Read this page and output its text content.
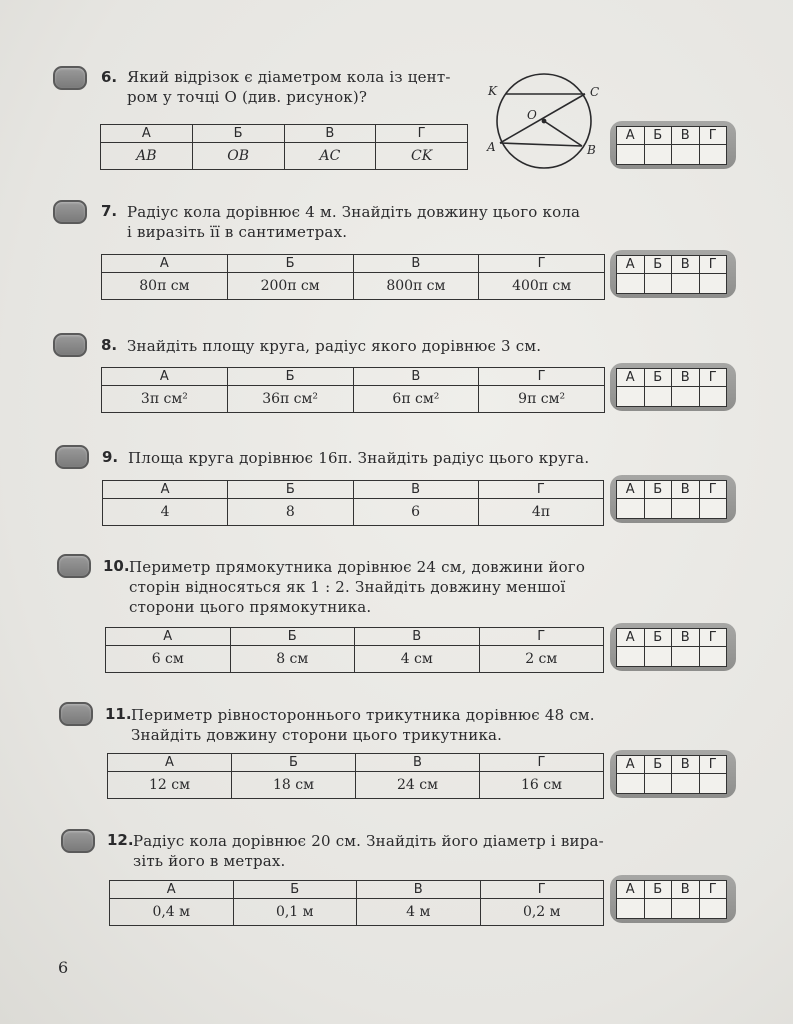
6. Який відрізок є діаметром кола із цент-
ром у точці O (див. рисунок)?
А	Б	В	Г
AB	OB	AC	CK
А	Б	В	Г

K	C
O
A	B
7. Радіус кола дорівнює 4 м. Знайдіть довжину цього кола
і виразіть її в сантиметрах.
А	Б	В	Г
80π см	200π см	800π см	400π см
А	Б	В	Г

8. Знайдіть площу круга, радіус якого дорівнює 3 см.
А	Б	В	Г
3π см²	36π см²	6π см²	9π см²
А	Б	В	Г

9. Площа круга дорівнює 16π. Знайдіть радіус цього круга.
А	Б	В	Г
4	8	6	4π
А	Б	В	Г

10. Периметр прямокутника дорівнює 24 см, довжини його
сторін відносяться як 1 : 2. Знайдіть довжину меншої
сторони цього прямокутника.
А	Б	В	Г
6 см	8 см	4 см	2 см
А	Б	В	Г

11. Периметр рівностороннього трикутника дорівнює 48 см.
Знайдіть довжину сторони цього трикутника.
А	Б	В	Г
12 см	18 см	24 см	16 см
А	Б	В	Г

12. Радіус кола дорівнює 20 см. Знайдіть його діаметр і вира-
зіть його в метрах.
А	Б	В	Г
0,4 м	0,1 м	4 м	0,2 м
А	Б	В	Г

6
